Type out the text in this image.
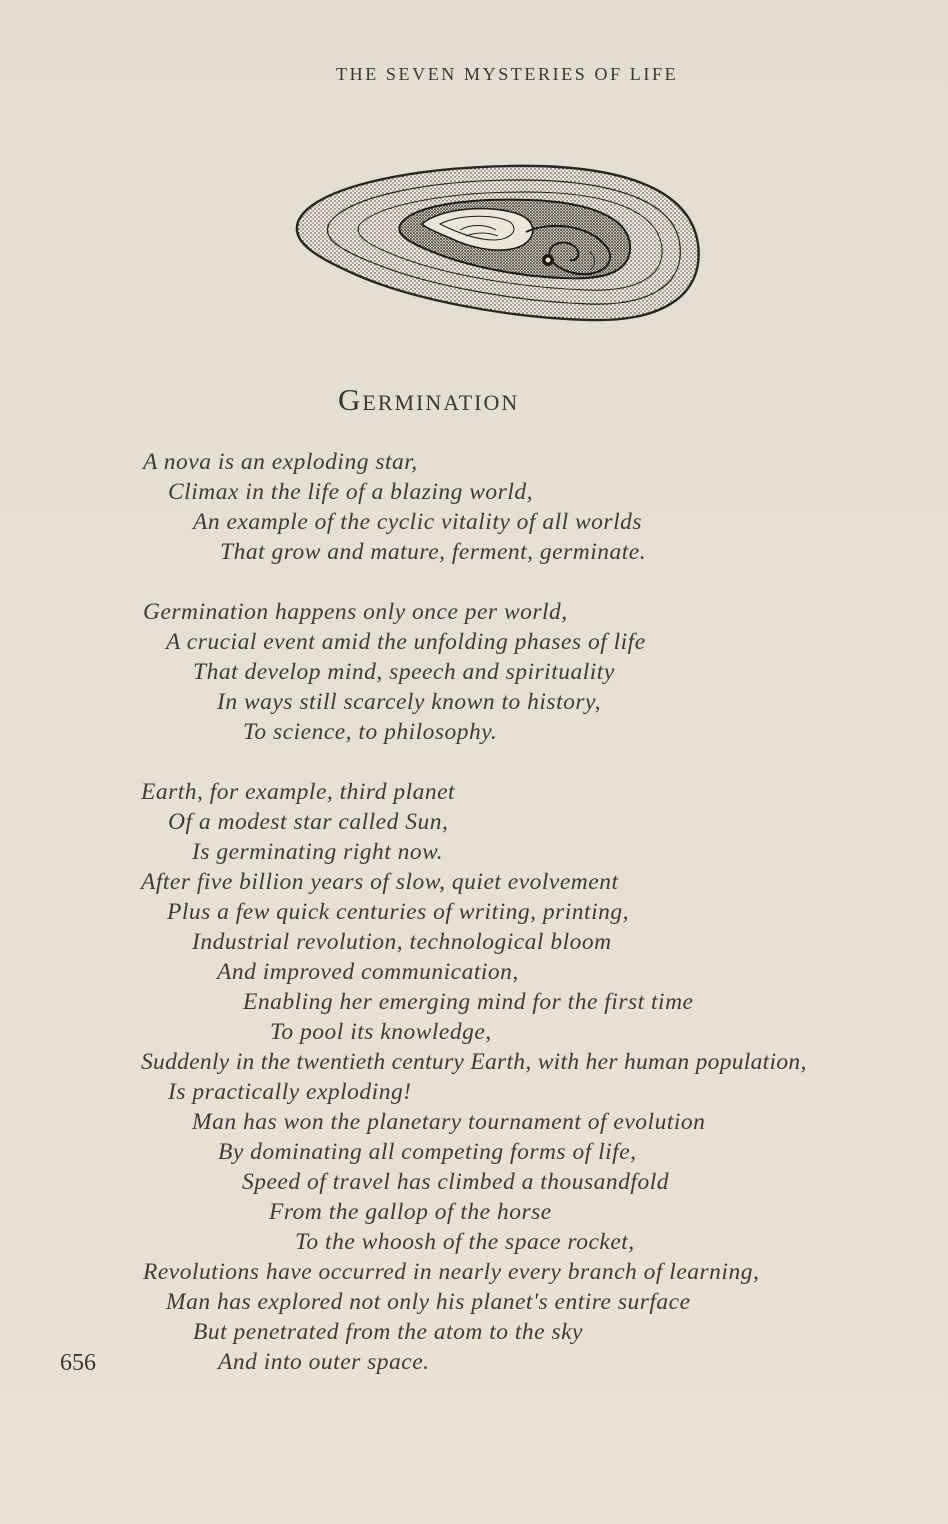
THE SEVEN MYSTERIES OF LIFE
Germination
A nova is an exploding star,
Climax in the life of a blazing world,
An example of the cyclic vitality of all worlds
That grow and mature, ferment, germinate.
Germination happens only once per world,
A crucial event amid the unfolding phases of life
That develop mind, speech and spirituality
In ways still scarcely known to history,
To science, to philosophy.
Earth, for example, third planet
Of a modest star called Sun,
Is germinating right now.
After five billion years of slow, quiet evolvement
Plus a few quick centuries of writing, printing,
Industrial revolution, technological bloom
And improved communication,
Enabling her emerging mind for the first time
To pool its knowledge,
Suddenly in the twentieth century Earth, with her human population,
Is practically exploding!
Man has won the planetary tournament of evolution
By dominating all competing forms of life,
Speed of travel has climbed a thousandfold
From the gallop of the horse
To the whoosh of the space rocket,
Revolutions have occurred in nearly every branch of learning,
Man has explored not only his planet's entire surface
But penetrated from the atom to the sky
And into outer space.
656
